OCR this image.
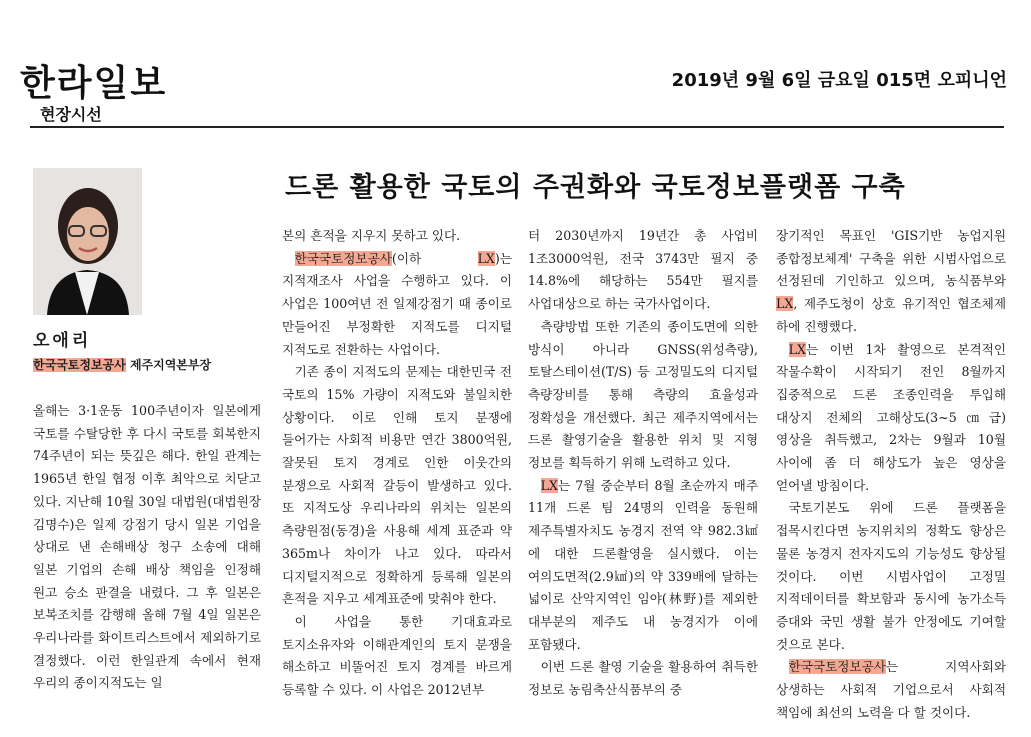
한라일보
현장시선
2019년 9월 6일 금요일 015면 오피니언
드론 활용한 국토의 주권화와 국토정보플랫폼 구축
오애리
한국국토정보공사 제주지역본부장

올해는 3·1운동 100주년이자 일본에게 국토를 수탈당한 후 다시 국토를 회복한지 74주년이 되는 뜻깊은 해다. 한일 관계는 1965년 한일 협정 이후 최악으로 치닫고 있다. 지난해 10월 30일 대법원(대법원장 김명수)은 일제 강점기 당시 일본 기업을 상대로 낸 손해배상 청구 소송에 대해 일본 기업의 손해 배상 책임을 인정해 원고 승소 판결을 내렸다. 그 후 일본은 보복조치를 감행해 올해 7월 4일 일본은 우리나라를 화이트리스트에서 제외하기로 결정했다. 이런 한일관계 속에서 현재 우리의 종이지적도는 일

본의 흔적을 지우지 못하고 있다.

한국국토정보공사(이하 LX)는 지적재조사 사업을 수행하고 있다. 이 사업은 100여년 전 일제강점기 때 종이로 만들어진 부정확한 지적도를 디지털 지적도로 전환하는 사업이다.

기존 종이 지적도의 문제는 대한민국 전 국토의 15% 가량이 지적도와 불일치한 상황이다. 이로 인해 토지 분쟁에 들어가는 사회적 비용만 연간 3800억원, 잘못된 토지 경계로 인한 이웃간의 분쟁으로 사회적 갈등이 발생하고 있다. 또 지적도상 우리나라의 위치는 일본의 측량원점(동경)을 사용해 세계 표준과 약 365m나 차이가 나고 있다. 따라서 디지털지적으로 정확하게 등록해 일본의 흔적을 지우고 세계표준에 맞춰야 한다.

이 사업을 통한 기대효과로 토지소유자와 이해관계인의 토지 분쟁을 해소하고 비뚤어진 토지 경계를 바르게 등록할 수 있다. 이 사업은 2012년부

터 2030년까지 19년간 총 사업비 1조3000억원, 전국 3743만 필지 중 14.8%에 해당하는 554만 필지를 사업대상으로 하는 국가사업이다.

측량방법 또한 기존의 종이도면에 의한 방식이 아니라 GNSS(위성측량), 토탈스테이션(T/S) 등 고정밀도의 디지털 측량장비를 통해 측량의 효율성과 정확성을 개선했다. 최근 제주지역에서는 드론 촬영기술을 활용한 위치 및 지형 정보를 획득하기 위해 노력하고 있다.

LX는 7월 중순부터 8월 초순까지 매주 11개 드론 팀 24명의 인력을 동원해 제주특별자치도 농경지 전역 약 982.3㎢에 대한 드론촬영을 실시했다. 이는 여의도면적(2.9㎢)의 약 339배에 달하는 넓이로 산악지역인 임야(林野)를 제외한 대부분의 제주도 내 농경지가 이에 포함됐다.

이번 드론 촬영 기술을 활용하여 취득한 정보로 농림축산식품부의 중

장기적인 목표인 'GIS기반 농업지원 종합정보체계' 구축을 위한 시범사업으로 선정된데 기인하고 있으며, 농식품부와 LX, 제주도청이 상호 유기적인 협조체제 하에 진행했다.

LX는 이번 1차 촬영으로 본격적인 작물수확이 시작되기 전인 8월까지 집중적으로 드론 조종인력을 투입해 대상지 전체의 고해상도(3~5㎝급) 영상을 취득했고, 2차는 9월과 10월 사이에 좀 더 해상도가 높은 영상을 얻어낼 방침이다.

국토기본도 위에 드론 플랫폼을 접목시킨다면 농지위치의 정확도 향상은 물론 농경지 전자지도의 기능성도 향상될 것이다. 이번 시범사업이 고정밀 지적데이터를 확보함과 동시에 농가소득 증대와 국민 생활 불가 안정에도 기여할 것으로 본다.

한국국토정보공사는 지역사회와 상생하는 사회적 기업으로서 사회적 책임에 최선의 노력을 다 할 것이다.
